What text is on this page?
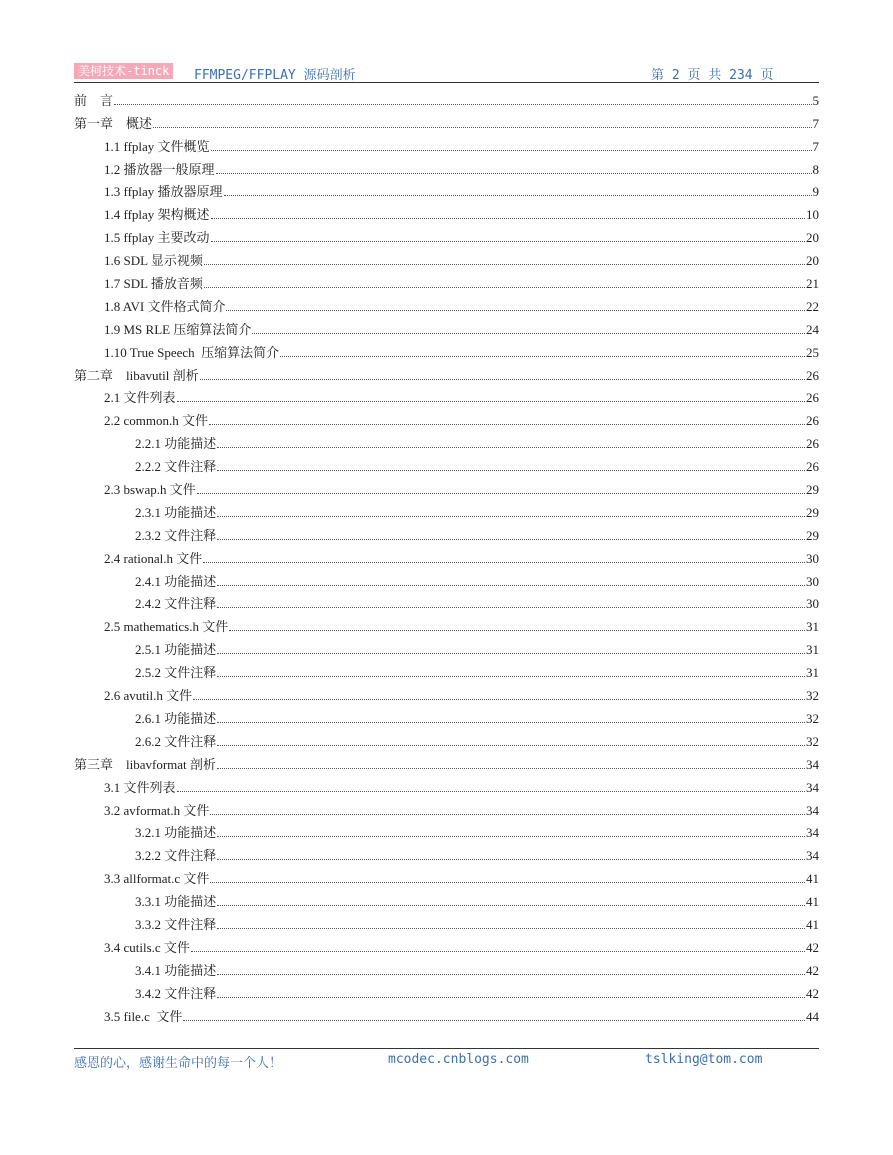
美柯技术-tinck	FFMPEG/FFPLAY 源码剖析	第 2 页 共 234 页
前    言	5
第一章    概述	7
1.1 ffplay 文件概览	7
1.2 播放器一般原理	8
1.3 ffplay 播放器原理	9
1.4 ffplay 架构概述	10
1.5 ffplay 主要改动	20
1.6 SDL 显示视频	20
1.7 SDL 播放音频	21
1.8 AVI 文件格式简介	22
1.9 MS RLE 压缩算法简介	24
1.10 True Speech  压缩算法简介	25
第二章    libavutil 剖析	26
2.1 文件列表	26
2.2 common.h 文件	26
2.2.1 功能描述	26
2.2.2 文件注释	26
2.3 bswap.h 文件	29
2.3.1 功能描述	29
2.3.2 文件注释	29
2.4 rational.h 文件	30
2.4.1 功能描述	30
2.4.2 文件注释	30
2.5 mathematics.h 文件	31
2.5.1 功能描述	31
2.5.2 文件注释	31
2.6 avutil.h 文件	32
2.6.1 功能描述	32
2.6.2 文件注释	32
第三章    libavformat 剖析	34
3.1 文件列表	34
3.2 avformat.h 文件	34
3.2.1 功能描述	34
3.2.2 文件注释	34
3.3 allformat.c 文件	41
3.3.1 功能描述	41
3.3.2 文件注释	41
3.4 cutils.c 文件	42
3.4.1 功能描述	42
3.4.2 文件注释	42
3.5 file.c  文件	44
感恩的心，感谢生命中的每一个人！	mcodec.cnblogs.com	tslking@tom.com
